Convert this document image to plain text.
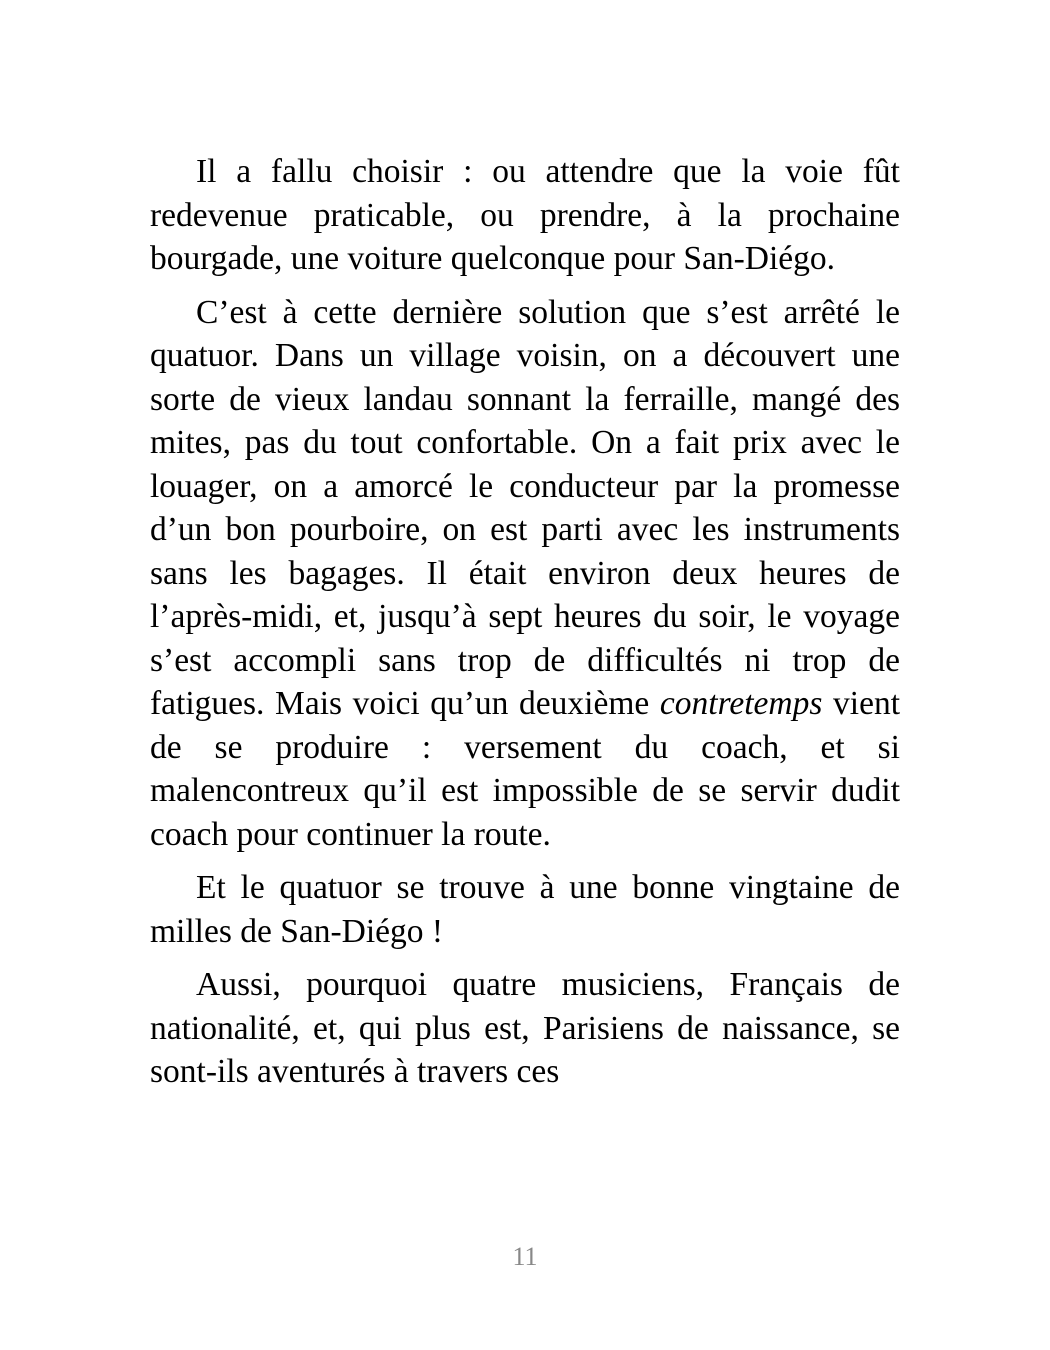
Il a fallu choisir : ou attendre que la voie fût redevenue praticable, ou prendre, à la prochaine bourgade, une voiture quelconque pour San-Diégo.

C’est à cette dernière solution que s’est arrêté le quatuor. Dans un village voisin, on a découvert une sorte de vieux landau sonnant la ferraille, mangé des mites, pas du tout confortable. On a fait prix avec le louager, on a amorcé le conducteur par la promesse d’un bon pourboire, on est parti avec les instruments sans les bagages. Il était environ deux heures de l’après-midi, et, jusqu’à sept heures du soir, le voyage s’est accompli sans trop de difficultés ni trop de fatigues. Mais voici qu’un deuxième contretemps vient de se produire : versement du coach, et si malencontreux qu’il est impossible de se servir dudit coach pour continuer la route.

Et le quatuor se trouve à une bonne vingtaine de milles de San-Diégo !

Aussi, pourquoi quatre musiciens, Français de nationalité, et, qui plus est, Parisiens de naissance, se sont-ils aventurés à travers ces

11
